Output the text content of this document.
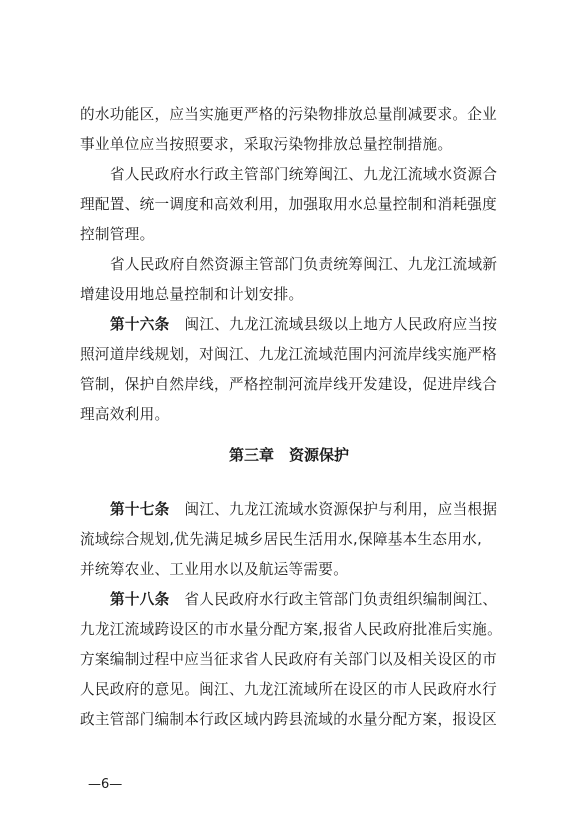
的水功能区，应当实施更严格的污染物排放总量削减要求。企业
事业单位应当按照要求，采取污染物排放总量控制措施。
省人民政府水行政主管部门统筹闽江、九龙江流域水资源合
理配置、统一调度和高效利用，加强取用水总量控制和消耗强度
控制管理。
省人民政府自然资源主管部门负责统筹闽江、九龙江流域新
增建设用地总量控制和计划安排。
第十六条　 闽江、九龙江流域县级以上地方人民政府应当按
照河道岸线规划，对闽江、九龙江流域范围内河流岸线实施严格
管制，保护自然岸线，严格控制河流岸线开发建设，促进岸线合
理高效利用。
第三章　资源保护
第十七条　 闽江、九龙江流域水资源保护与利用，应当根据
流域综合规划,优先满足城乡居民生活用水,保障基本生态用水,
并统筹农业、工业用水以及航运等需要。
第十八条　 省人民政府水行政主管部门负责组织编制闽江、
九龙江流域跨设区的市水量分配方案,报省人民政府批准后实施。
方案编制过程中应当征求省人民政府有关部门以及相关设区的市
人民政府的意见。闽江、九龙江流域所在设区的市人民政府水行
政主管部门编制本行政区域内跨县流域的水量分配方案，报设区
—6—
